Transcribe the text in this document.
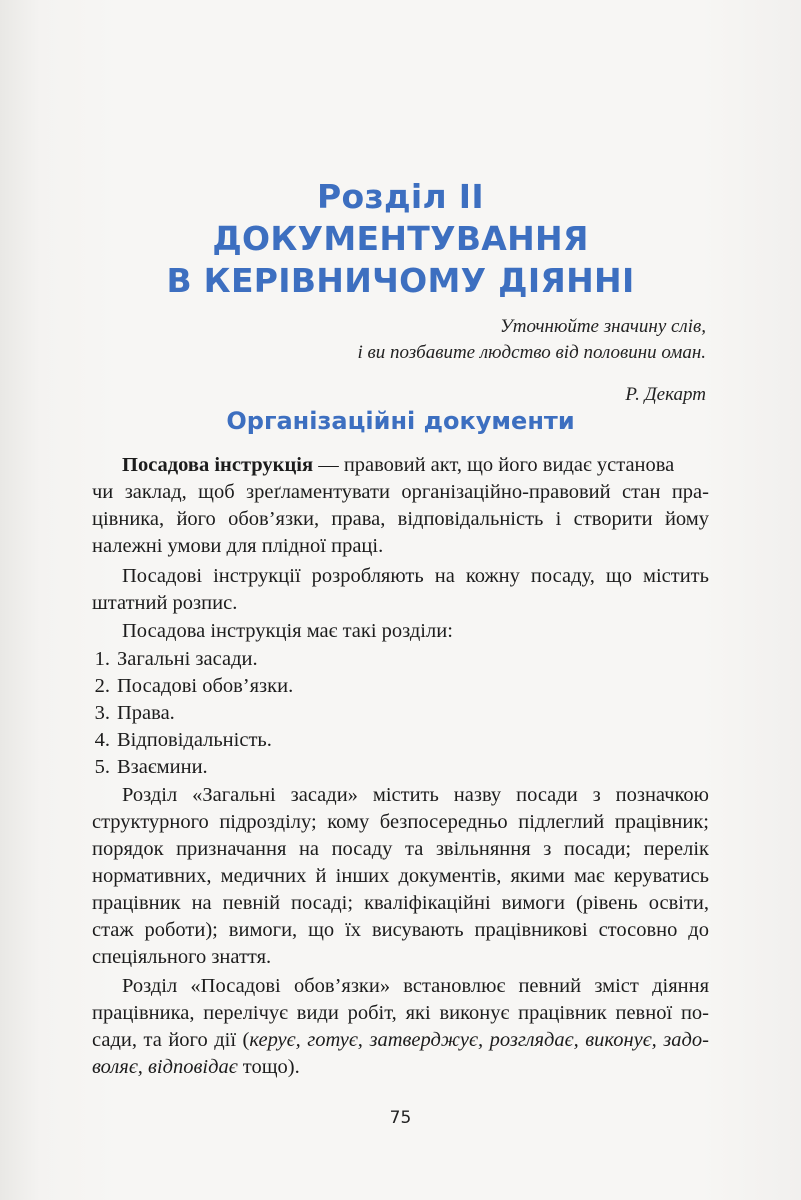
Розділ II
ДОКУМЕНТУВАННЯ
В КЕРІВНИЧОМУ ДІЯННІ
Уточнюйте значину слів,
і ви позбавите людство від половини оман.
Р. Декарт
Організаційні документи
Посадова інструкція — правовий акт, що його видає установа
чи заклад, щоб зреґламентувати організаційно-правовий стан пра-
цівника, його обов’язки, права, відповідальність і створити йому
належні умови для плідної праці.
Посадові інструкції розробляють на кожну посаду, що містить
штатний розпис.
Посадова інструкція має такі розділи:
1. Загальні засади.
2. Посадові обов’язки.
3. Права.
4. Відповідальність.
5. Взаємини.
Розділ «Загальні засади» містить назву посади з позначкою
структурного підрозділу; кому безпосередньо підлеглий працівник;
порядок призначання на посаду та звільняння з посади; перелік
нормативних, медичних й інших документів, якими має керуватись
працівник на певній посаді; кваліфікаційні вимоги (рівень освіти,
стаж роботи); вимоги, що їх висувають працівникові стосовно до
спеціяльного знаття.
Розділ «Посадові обов’язки» встановлює певний зміст діяння
працівника, перелічує види робіт, які виконує працівник певної по-
сади, та його дії (керує, готує, затверджує, розглядає, виконує, задо-
воляє, відповідає тощо).
75
